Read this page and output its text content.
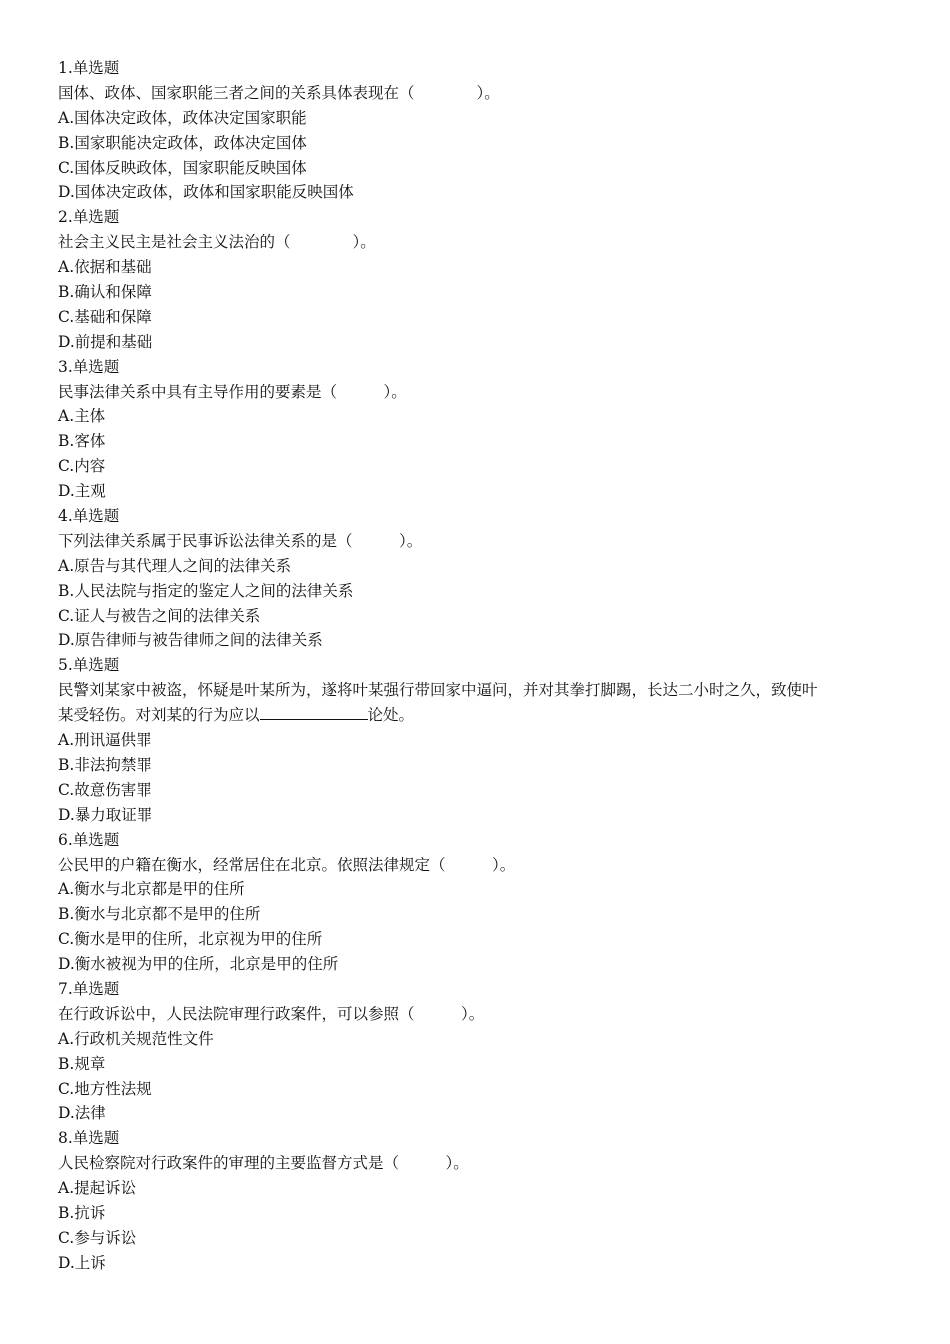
1.单选题
国体、政体、国家职能三者之间的关系具体表现在（　　　　）。
A.国体决定政体，政体决定国家职能
B.国家职能决定政体，政体决定国体
C.国体反映政体，国家职能反映国体
D.国体决定政体，政体和国家职能反映国体
2.单选题
社会主义民主是社会主义法治的（　　　　）。
A.依据和基础
B.确认和保障
C.基础和保障
D.前提和基础
3.单选题
民事法律关系中具有主导作用的要素是（　　　）。
A.主体
B.客体
C.内容
D.主观
4.单选题
下列法律关系属于民事诉讼法律关系的是（　　　）。
A.原告与其代理人之间的法律关系
B.人民法院与指定的鉴定人之间的法律关系
C.证人与被告之间的法律关系
D.原告律师与被告律师之间的法律关系
5.单选题
民警刘某家中被盗，怀疑是叶某所为，遂将叶某强行带回家中逼问，并对其拳打脚踢，长达二小时之久，致使叶
某受轻伤。对刘某的行为应以	论处。
A.刑讯逼供罪
B.非法拘禁罪
C.故意伤害罪
D.暴力取证罪
6.单选题
公民甲的户籍在衡水，经常居住在北京。依照法律规定（　　　）。
A.衡水与北京都是甲的住所
B.衡水与北京都不是甲的住所
C.衡水是甲的住所，北京视为甲的住所
D.衡水被视为甲的住所，北京是甲的住所
7.单选题
在行政诉讼中，人民法院审理行政案件，可以参照（　　　）。
A.行政机关规范性文件
B.规章
C.地方性法规
D.法律
8.单选题
人民检察院对行政案件的审理的主要监督方式是（　　　）。
A.提起诉讼
B.抗诉
C.参与诉讼
D.上诉
